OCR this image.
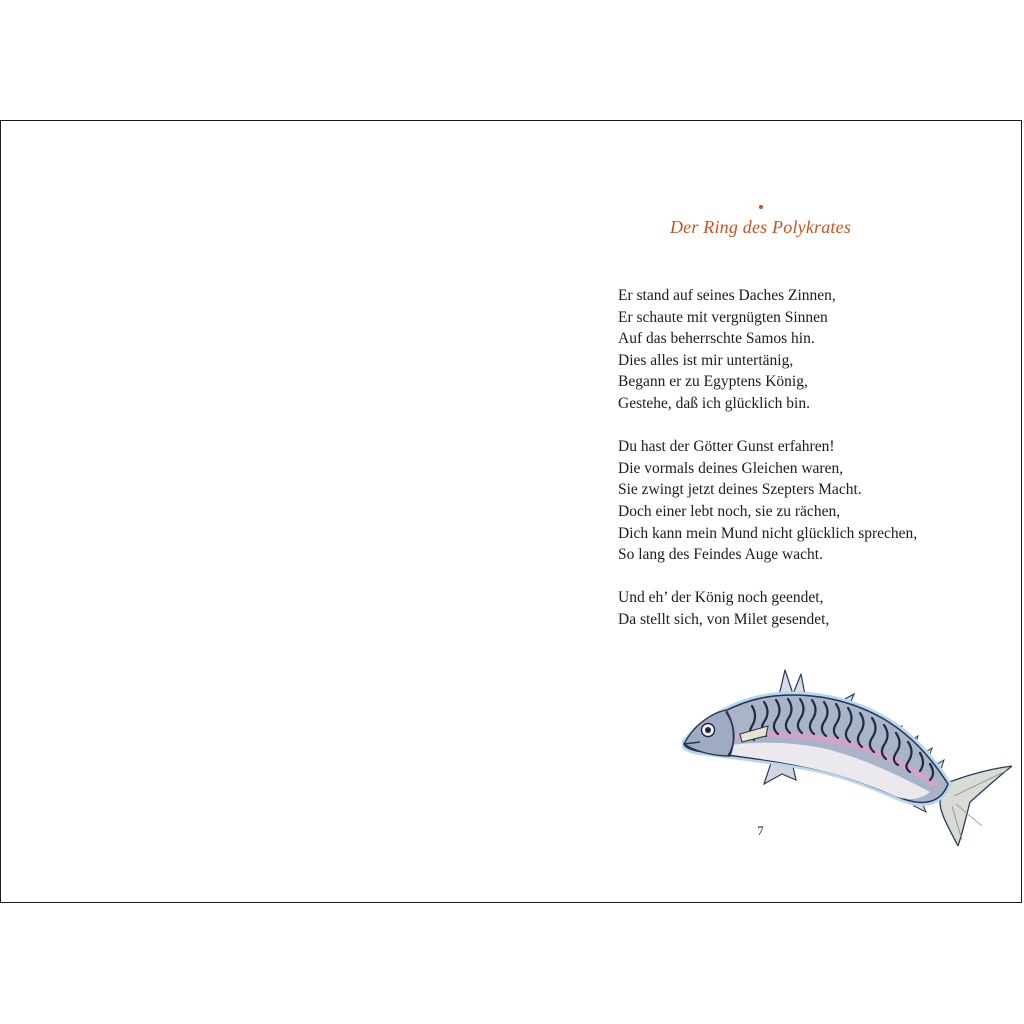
Der Ring des Polykrates
Er stand auf seines Daches Zinnen,
Er schaute mit vergnügten Sinnen
Auf das beherrschte Samos hin.
Dies alles ist mir untertänig,
Begann er zu Egyptens König,
Gestehe, daß ich glücklich bin.
Du hast der Götter Gunst erfahren!
Die vormals deines Gleichen waren,
Sie zwingt jetzt deines Szepters Macht.
Doch einer lebt noch, sie zu rächen,
Dich kann mein Mund nicht glücklich sprechen,
So lang des Feindes Auge wacht.
Und eh’ der König noch geendet,
Da stellt sich, von Milet gesendet,
7
